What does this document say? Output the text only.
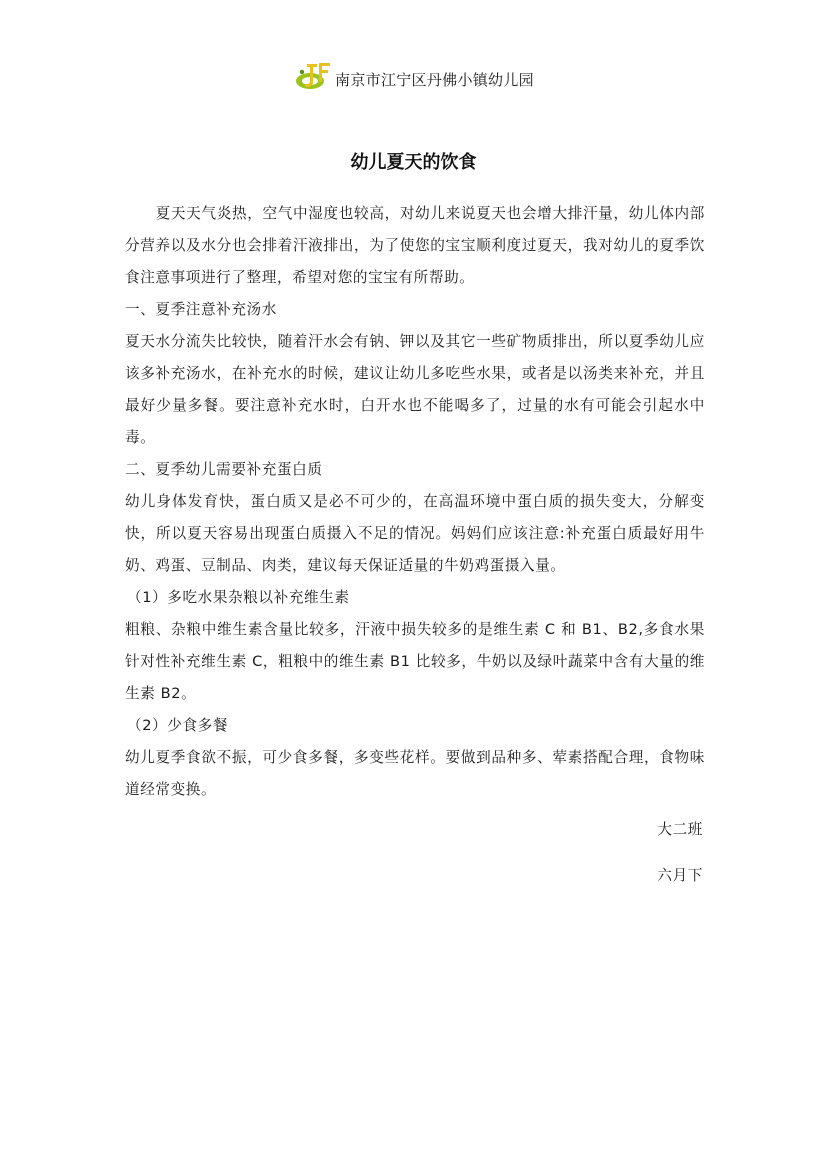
南京市江宁区丹佛小镇幼儿园
幼儿夏天的饮食

夏天天气炎热，空气中湿度也较高，对幼儿来说夏天也会增大排汗量，幼儿体内部分营养以及水分也会排着汗液排出，为了使您的宝宝顺利度过夏天，我对幼儿的夏季饮食注意事项进行了整理，希望对您的宝宝有所帮助。

一、夏季注意补充汤水

夏天水分流失比较快，随着汗水会有钠、钾以及其它一些矿物质排出，所以夏季幼儿应该多补充汤水，在补充水的时候，建议让幼儿多吃些水果，或者是以汤类来补充，并且最好少量多餐。要注意补充水时，白开水也不能喝多了，过量的水有可能会引起水中毒。

二、夏季幼儿需要补充蛋白质

幼儿身体发育快，蛋白质又是必不可少的，在高温环境中蛋白质的损失变大，分解变快，所以夏天容易出现蛋白质摄入不足的情况。妈妈们应该注意:补充蛋白质最好用牛奶、鸡蛋、豆制品、肉类，建议每天保证适量的牛奶鸡蛋摄入量。

（1）多吃水果杂粮以补充维生素

粗粮、杂粮中维生素含量比较多，汗液中损失较多的是维生素 C 和 B1、B2,多食水果针对性补充维生素 C，粗粮中的维生素 B1 比较多，牛奶以及绿叶蔬菜中含有大量的维生素 B2。

（2）少食多餐

幼儿夏季食欲不振，可少食多餐，多变些花样。要做到品种多、荤素搭配合理，食物味道经常变换。

大二班
六月下
